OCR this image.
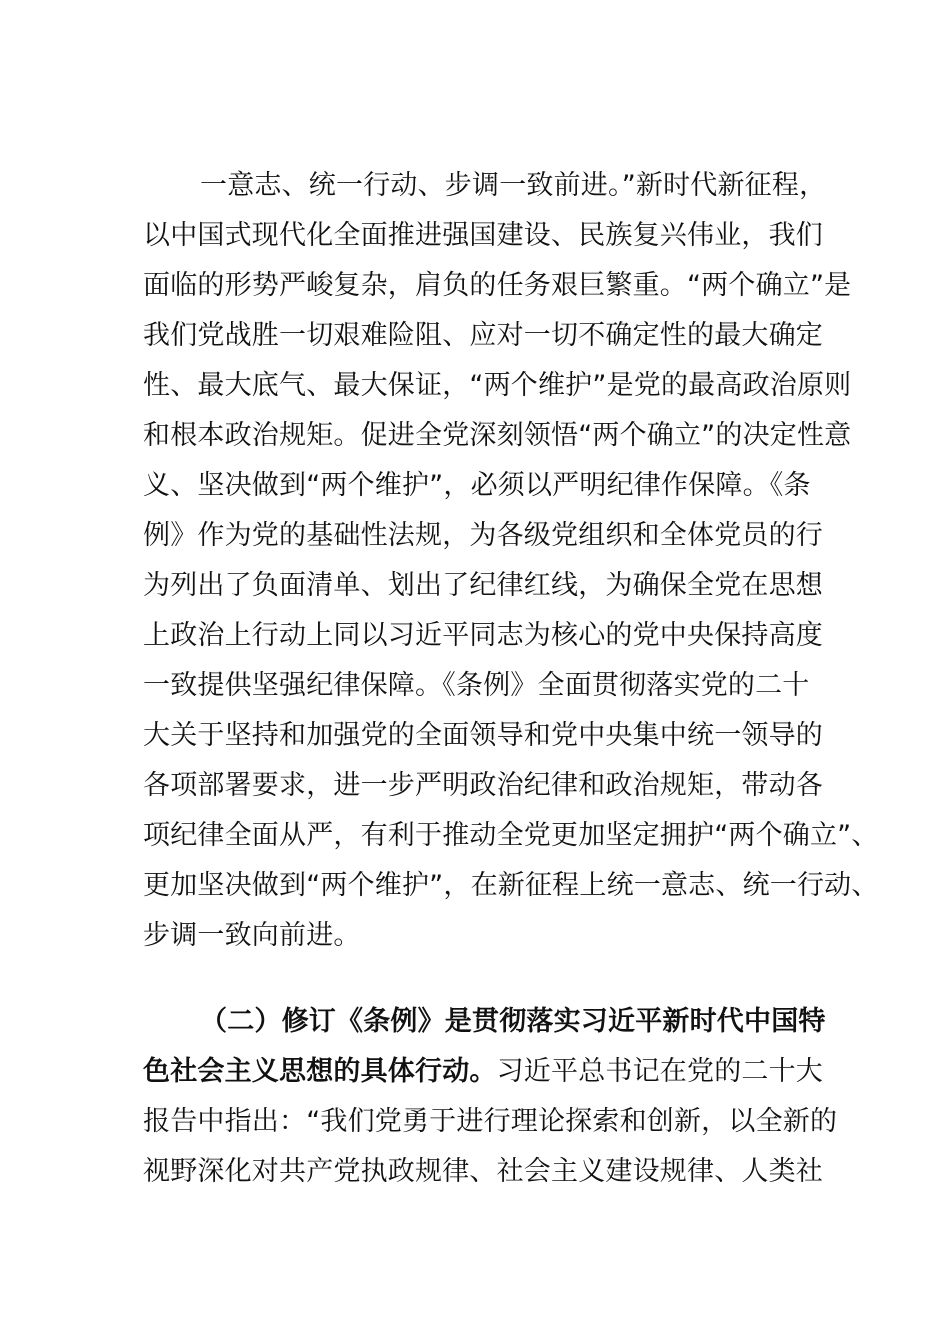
一意志、统一行动、步调一致前进。”新时代新征程，
以中国式现代化全面推进强国建设、民族复兴伟业，我们
面临的形势严峻复杂，肩负的任务艰巨繁重。“两个确立”是
我们党战胜一切艰难险阻、应对一切不确定性的最大确定
性、最大底气、最大保证，“两个维护”是党的最高政治原则
和根本政治规矩。促进全党深刻领悟“两个确立”的决定性意
义、坚决做到“两个维护”，必须以严明纪律作保障。《条
例》作为党的基础性法规，为各级党组织和全体党员的行
为列出了负面清单、划出了纪律红线，为确保全党在思想
上政治上行动上同以习近平同志为核心的党中央保持高度
一致提供坚强纪律保障。《条例》全面贯彻落实党的二十
大关于坚持和加强党的全面领导和党中央集中统一领导的
各项部署要求，进一步严明政治纪律和政治规矩，带动各
项纪律全面从严，有利于推动全党更加坚定拥护“两个确立”、
更加坚决做到“两个维护”，在新征程上统一意志、统一行动、
步调一致向前进。
（二）修订《条例》是贯彻落实习近平新时代中国特
色社会主义思想的具体行动。习近平总书记在党的二十大
报告中指出：“我们党勇于进行理论探索和创新，以全新的
视野深化对共产党执政规律、社会主义建设规律、人类社
